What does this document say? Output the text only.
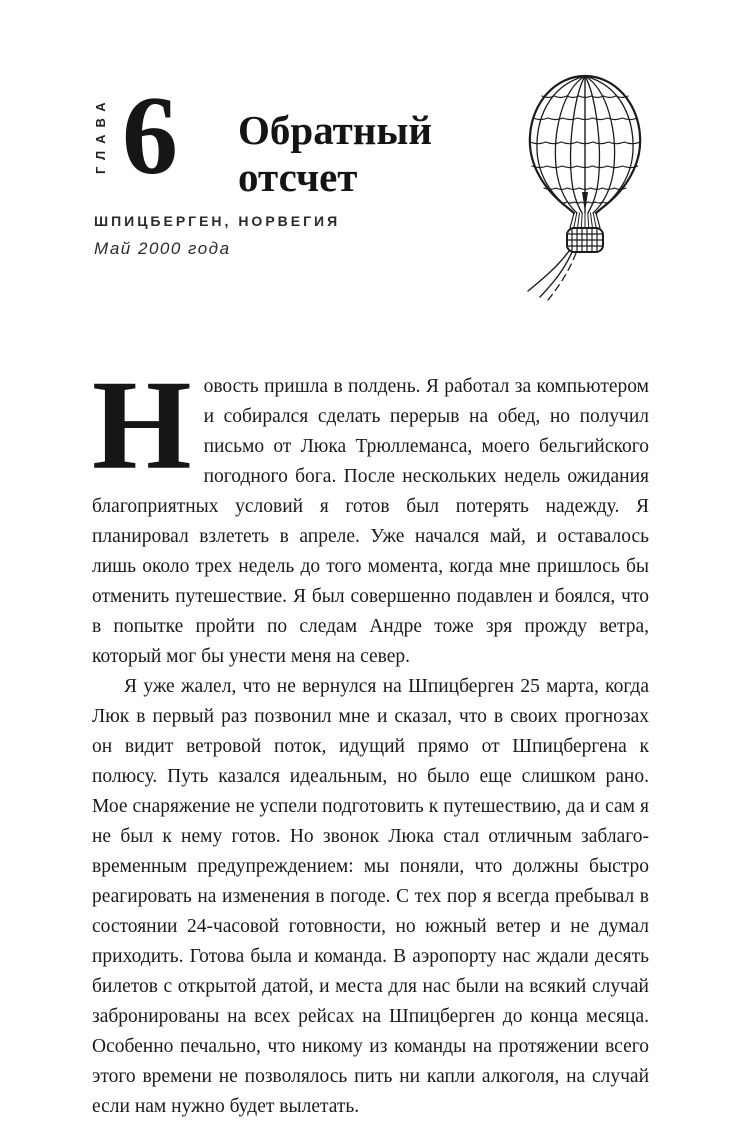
ГЛАВА 6 Обратный отсчет
ШПИЦБЕРГЕН, НОРВЕГИЯ
Май 2000 года

Новость пришла в полдень. Я работал за компьютером и собирался сделать перерыв на обед, но получил письмо от Люка Трюллеманса, моего бельгийского погодного бога. После нескольких недель ожидания благоприятных условий я готов был потерять надежду. Я планировал взлететь в апреле. Уже начался май, и оставалось лишь около трех недель до того момента, когда мне пришлось бы отменить путешествие. Я был совершенно подавлен и боялся, что в попытке пройти по следам Андре тоже зря прожду ветра, который мог бы унести меня на север.

Я уже жалел, что не вернулся на Шпицберген 25 марта, когда Люк в первый раз позвонил мне и сказал, что в своих прогнозах он видит ветровой поток, идущий прямо от Шпицбергена к полюсу. Путь казался идеальным, но было еще слишком рано. Мое снаряжение не успели подготовить к путешествию, да и сам я не был к нему готов. Но звонок Люка стал отличным заблаговременным предупреждением: мы поняли, что должны быстро реагировать на изменения в погоде. С тех пор я всегда пребывал в состоянии 24-часовой готовности, но южный ветер и не думал приходить. Готова была и команда. В аэропорту нас ждали десять билетов с открытой датой, и места для нас были на всякий случай забронированы на всех рейсах на Шпицберген до конца месяца. Особенно печально, что никому из команды на протяжении всего этого времени не позволялось пить ни капли алкоголя, на случай если нам нужно будет вылетать.
